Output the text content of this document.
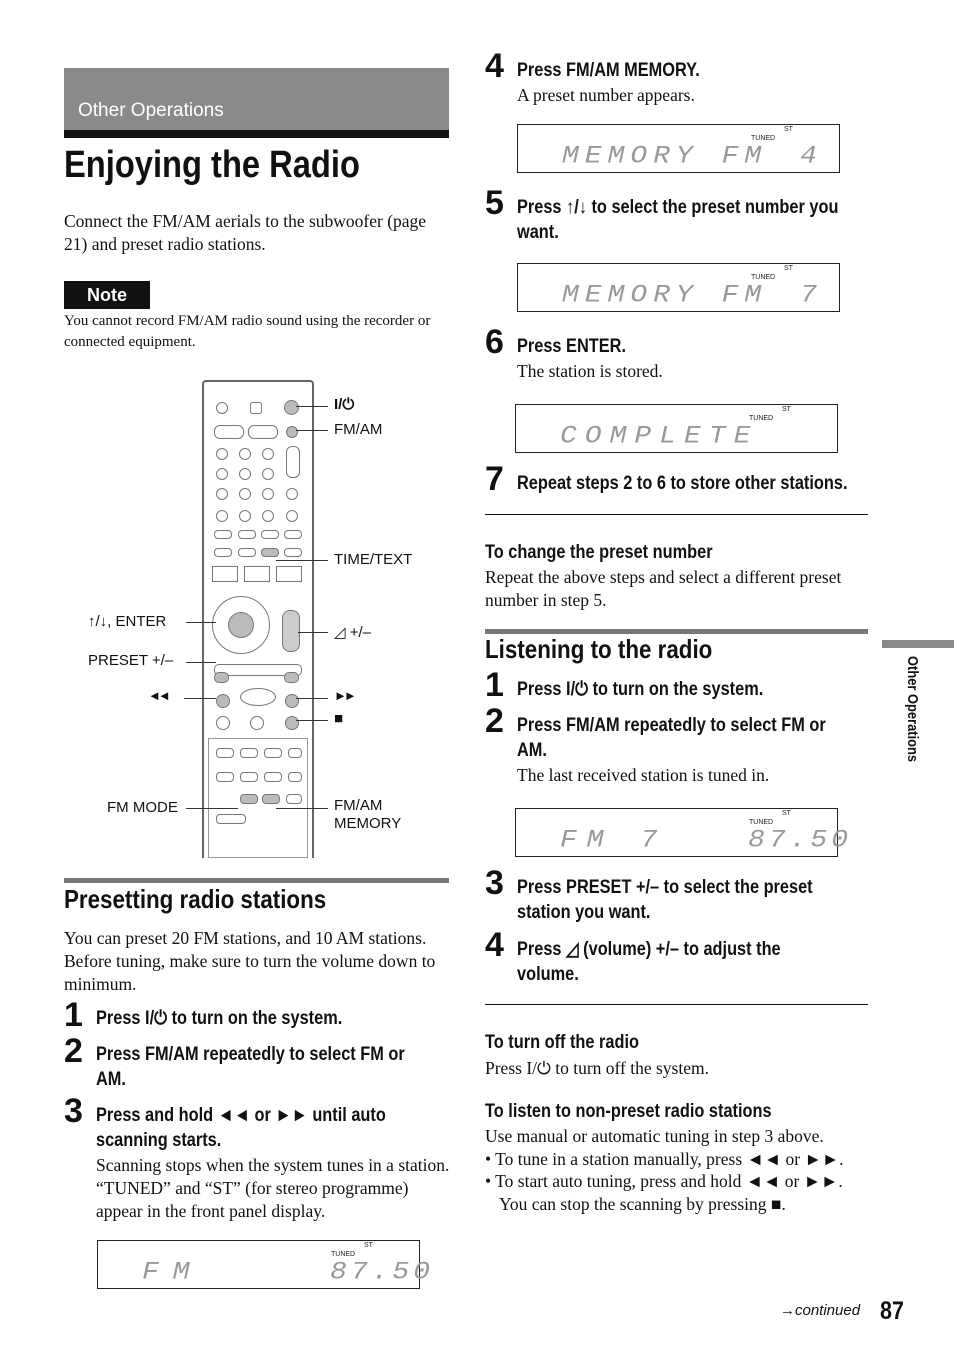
Other Operations
Enjoying the Radio
Connect the FM/AM aerials to the subwoofer (page 21) and preset radio stations.
Note
You cannot record FM/AM radio sound using the recorder or connected equipment.
I/⏻
FM/AM
TIME/TEXT
↑/↓, ENTER
◿ +/–
PRESET +/–
◄◄	►►
■
FM MODE	FM/AM
MEMORY
Presetting radio stations
You can preset 20 FM stations, and 10 AM stations. Before tuning, make sure to turn the volume down to minimum.
1 Press I/⏻ to turn on the system.
2 Press FM/AM repeatedly to select FM or
AM.
3 Press and hold ◄◄ or ►► until auto
scanning starts.
Scanning stops when the system tunes in a station. “TUNED” and “ST” (for stereo programme) appear in the front panel display.
ST
TUNED
FM	87.50
4 Press FM/AM MEMORY.
A preset number appears.
ST
TUNED
MEMORY FM 4
5 Press ↑/↓ to select the preset number you
want.
ST
TUNED
MEMORY FM 7
6 Press ENTER.
The station is stored.
ST
TUNED
COMPLETE
7 Repeat steps 2 to 6 to store other stations.
To change the preset number
Repeat the above steps and select a different preset number in step 5.
Listening to the radio
1 Press I/⏻ to turn on the system.
2 Press FM/AM repeatedly to select FM or
AM.
The last received station is tuned in.
ST
TUNED
FM 7	87.50
3 Press PRESET +/– to select the preset
station you want.
4 Press ◿ (volume) +/– to adjust the
volume.
To turn off the radio
Press I/⏻ to turn off the system.
To listen to non-preset radio stations
Use manual or automatic tuning in step 3 above.
• To tune in a station manually, press ◄◄ or ►►.
• To start auto tuning, press and hold ◄◄ or ►►.
You can stop the scanning by pressing ■.
Other Operations
→continued 87
